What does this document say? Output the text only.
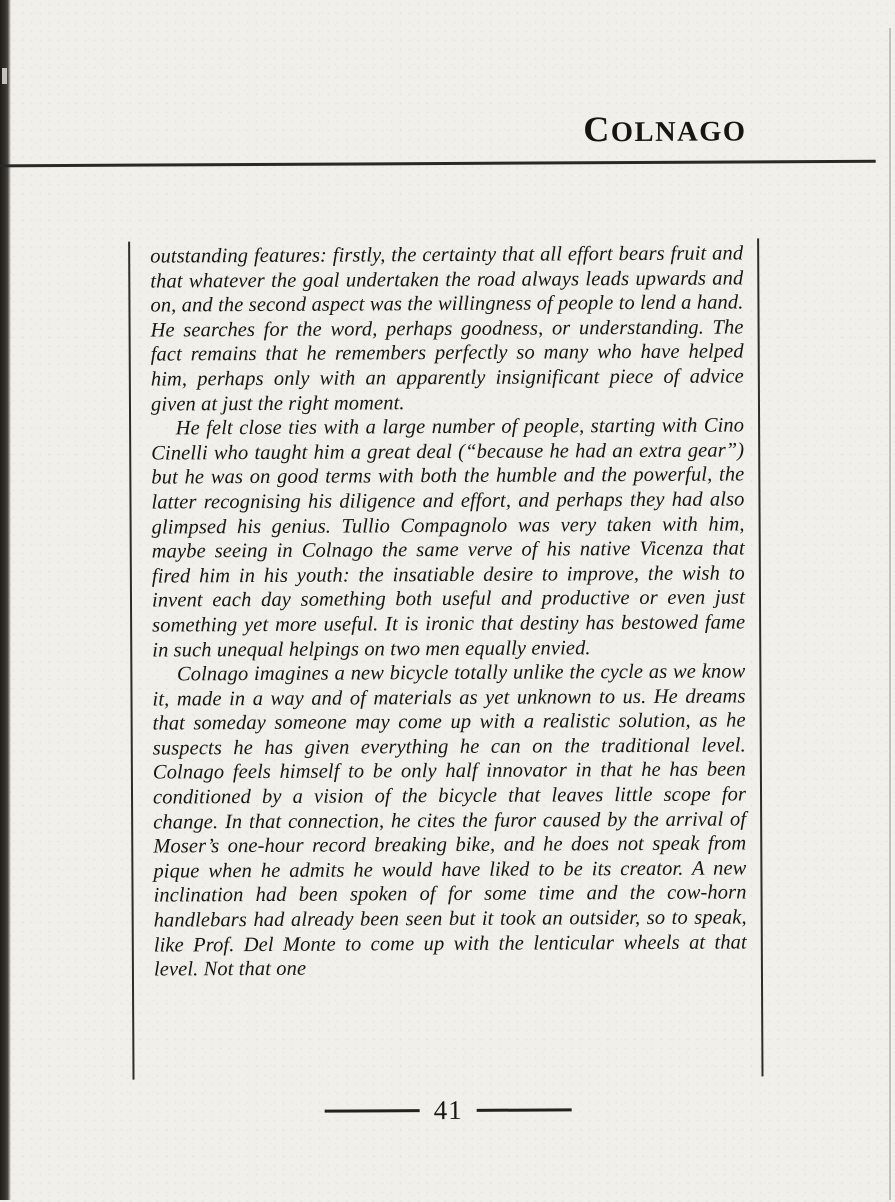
COLNAGO

outstanding features: firstly, the certainty that all effort bears fruit and that whatever the goal undertaken the road always leads upwards and on, and the second aspect was the willingness of people to lend a hand. He searches for the word, perhaps goodness, or understanding. The fact remains that he remembers perfectly so many who have helped him, perhaps only with an apparently insignificant piece of advice given at just the right moment.

He felt close ties with a large number of people, starting with Cino Cinelli who taught him a great deal (“because he had an extra gear”) but he was on good terms with both the humble and the powerful, the latter recognising his diligence and effort, and perhaps they had also glimpsed his genius. Tullio Compagnolo was very taken with him, maybe seeing in Colnago the same verve of his native Vicenza that fired him in his youth: the insatiable desire to improve, the wish to invent each day something both useful and productive or even just something yet more useful. It is ironic that destiny has bestowed fame in such unequal helpings on two men equally envied.

Colnago imagines a new bicycle totally unlike the cycle as we know it, made in a way and of materials as yet unknown to us. He dreams that someday someone may come up with a realistic solution, as he suspects he has given everything he can on the traditional level. Colnago feels himself to be only half innovator in that he has been conditioned by a vision of the bicycle that leaves little scope for change. In that connection, he cites the furor caused by the arrival of Moser’s one-hour record breaking bike, and he does not speak from pique when he admits he would have liked to be its creator. A new inclination had been spoken of for some time and the cow-horn handlebars had already been seen but it took an outsider, so to speak, like Prof. Del Monte to come up with the lenticular wheels at that level. Not that one

41
